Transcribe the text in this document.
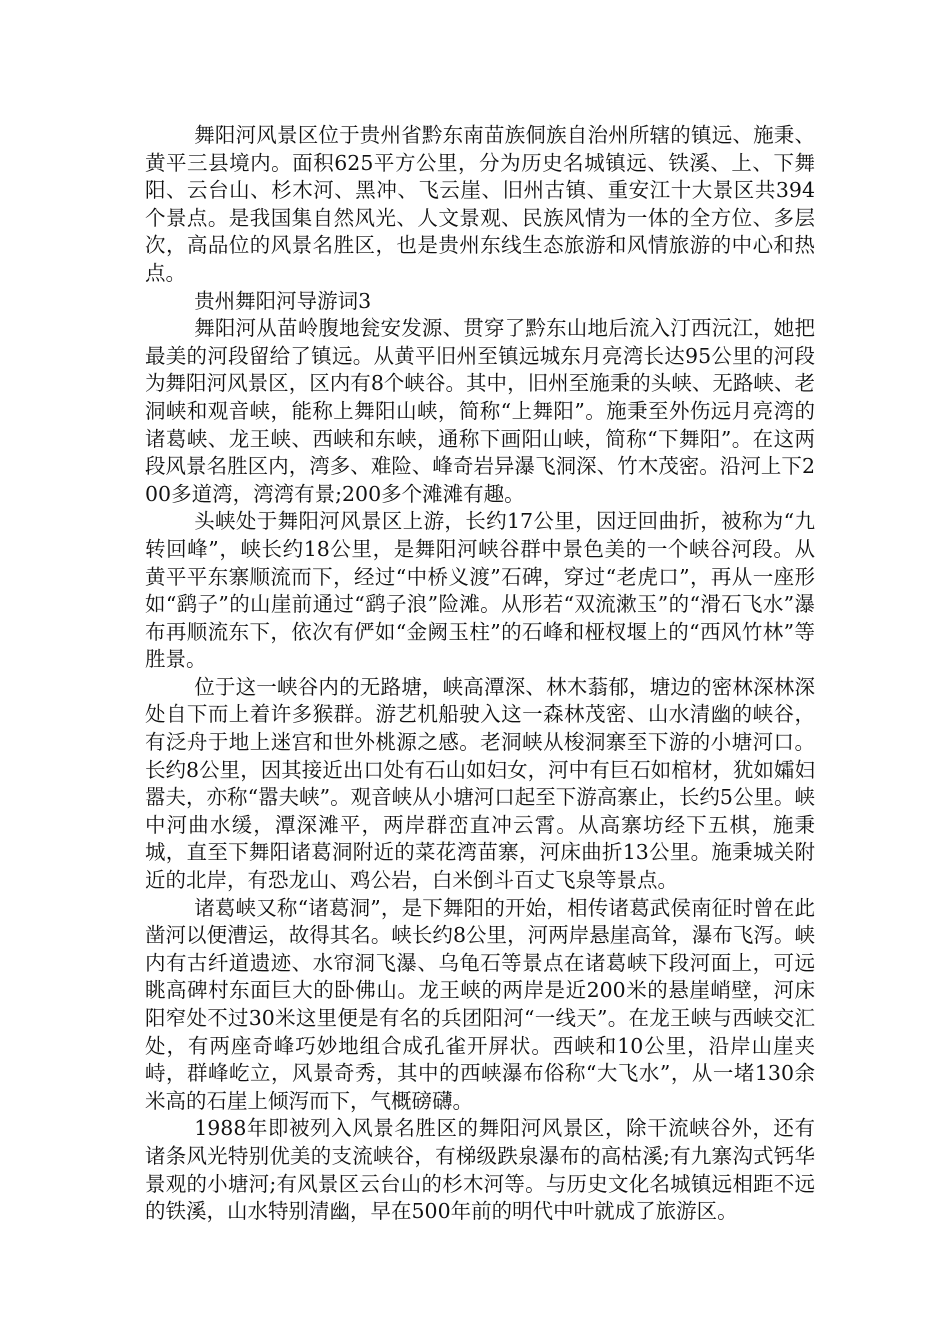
舞阳河风景区位于贵州省黔东南苗族侗族自治州所辖的镇远、施秉、黄平三县境内。面积625平方公里，分为历史名城镇远、铁溪、上、下舞阳、云台山、杉木河、黑冲、飞云崖、旧州古镇、重安江十大景区共394个景点。是我国集自然风光、人文景观、民族风情为一体的全方位、多层次，高品位的风景名胜区，也是贵州东线生态旅游和风情旅游的中心和热点。

贵州舞阳河导游词3

舞阳河从苗岭腹地瓮安发源、贯穿了黔东山地后流入汀西沅江，她把最美的河段留给了镇远。从黄平旧州至镇远城东月亮湾长达95公里的河段为舞阳河风景区，区内有8个峡谷。其中，旧州至施秉的头峡、无路峡、老洞峡和观音峡，能称上舞阳山峡，简称“上舞阳”。施秉至外伤远月亮湾的诸葛峡、龙王峡、西峡和东峡，通称下画阳山峡，简称“下舞阳”。在这两段风景名胜区内，湾多、难险、峰奇岩异瀑飞洞深、竹木茂密。沿河上下200多道湾，湾湾有景;200多个滩滩有趣。

头峡处于舞阳河风景区上游，长约17公里，因迂回曲折，被称为“九转回峰”，峡长约18公里，是舞阳河峡谷群中景色美的一个峡谷河段。从黄平平东寨顺流而下，经过“中桥义渡”石碑，穿过“老虎口”，再从一座形如“鹞子”的山崖前通过“鹞子浪”险滩。从形若“双流漱玉”的“滑石飞水”瀑布再顺流东下，依次有俨如“金阙玉柱”的石峰和桠杈堰上的“西风竹林”等胜景。

位于这一峡谷内的无路塘，峡高潭深、林木蓊郁，塘边的密林深林深处自下而上着许多猴群。游艺机船驶入这一森林茂密、山水清幽的峡谷，有泛舟于地上迷宫和世外桃源之感。老洞峡从梭洞寨至下游的小塘河口。长约8公里，因其接近出口处有石山如妇女，河中有巨石如棺材，犹如孀妇嚣夫，亦称“嚣夫峡”。观音峡从小塘河口起至下游高寨止，长约5公里。峡中河曲水缓，潭深滩平，两岸群峦直冲云霄。从高寨坊经下五棋，施秉城，直至下舞阳诸葛洞附近的菜花湾苗寨，河床曲折13公里。施秉城关附近的北岸，有恐龙山、鸡公岩，白米倒斗百丈飞泉等景点。

诸葛峡又称“诸葛洞”，是下舞阳的开始，相传诸葛武侯南征时曾在此凿河以便漕运，故得其名。峡长约8公里，河两岸悬崖高耸，瀑布飞泻。峡内有古纤道遗迹、水帘洞飞瀑、乌龟石等景点在诸葛峡下段河面上，可远眺高碑村东面巨大的卧佛山。龙王峡的两岸是近200米的悬崖峭壁，河床阳窄处不过30米这里便是有名的兵团阳河“一线天”。在龙王峡与西峡交汇处，有两座奇峰巧妙地组合成孔雀开屏状。西峡和10公里，沿岸山崖夹峙，群峰屹立，风景奇秀，其中的西峡瀑布俗称“大飞水”，从一堵130余米高的石崖上倾泻而下，气概磅礴。

1988年即被列入风景名胜区的舞阳河风景区，除干流峡谷外，还有诸条风光特别优美的支流峡谷，有梯级跌泉瀑布的高枯溪;有九寨沟式钙华景观的小塘河;有风景区云台山的杉木河等。与历史文化名城镇远相距不远的铁溪，山水特别清幽，早在500年前的明代中叶就成了旅游区。
